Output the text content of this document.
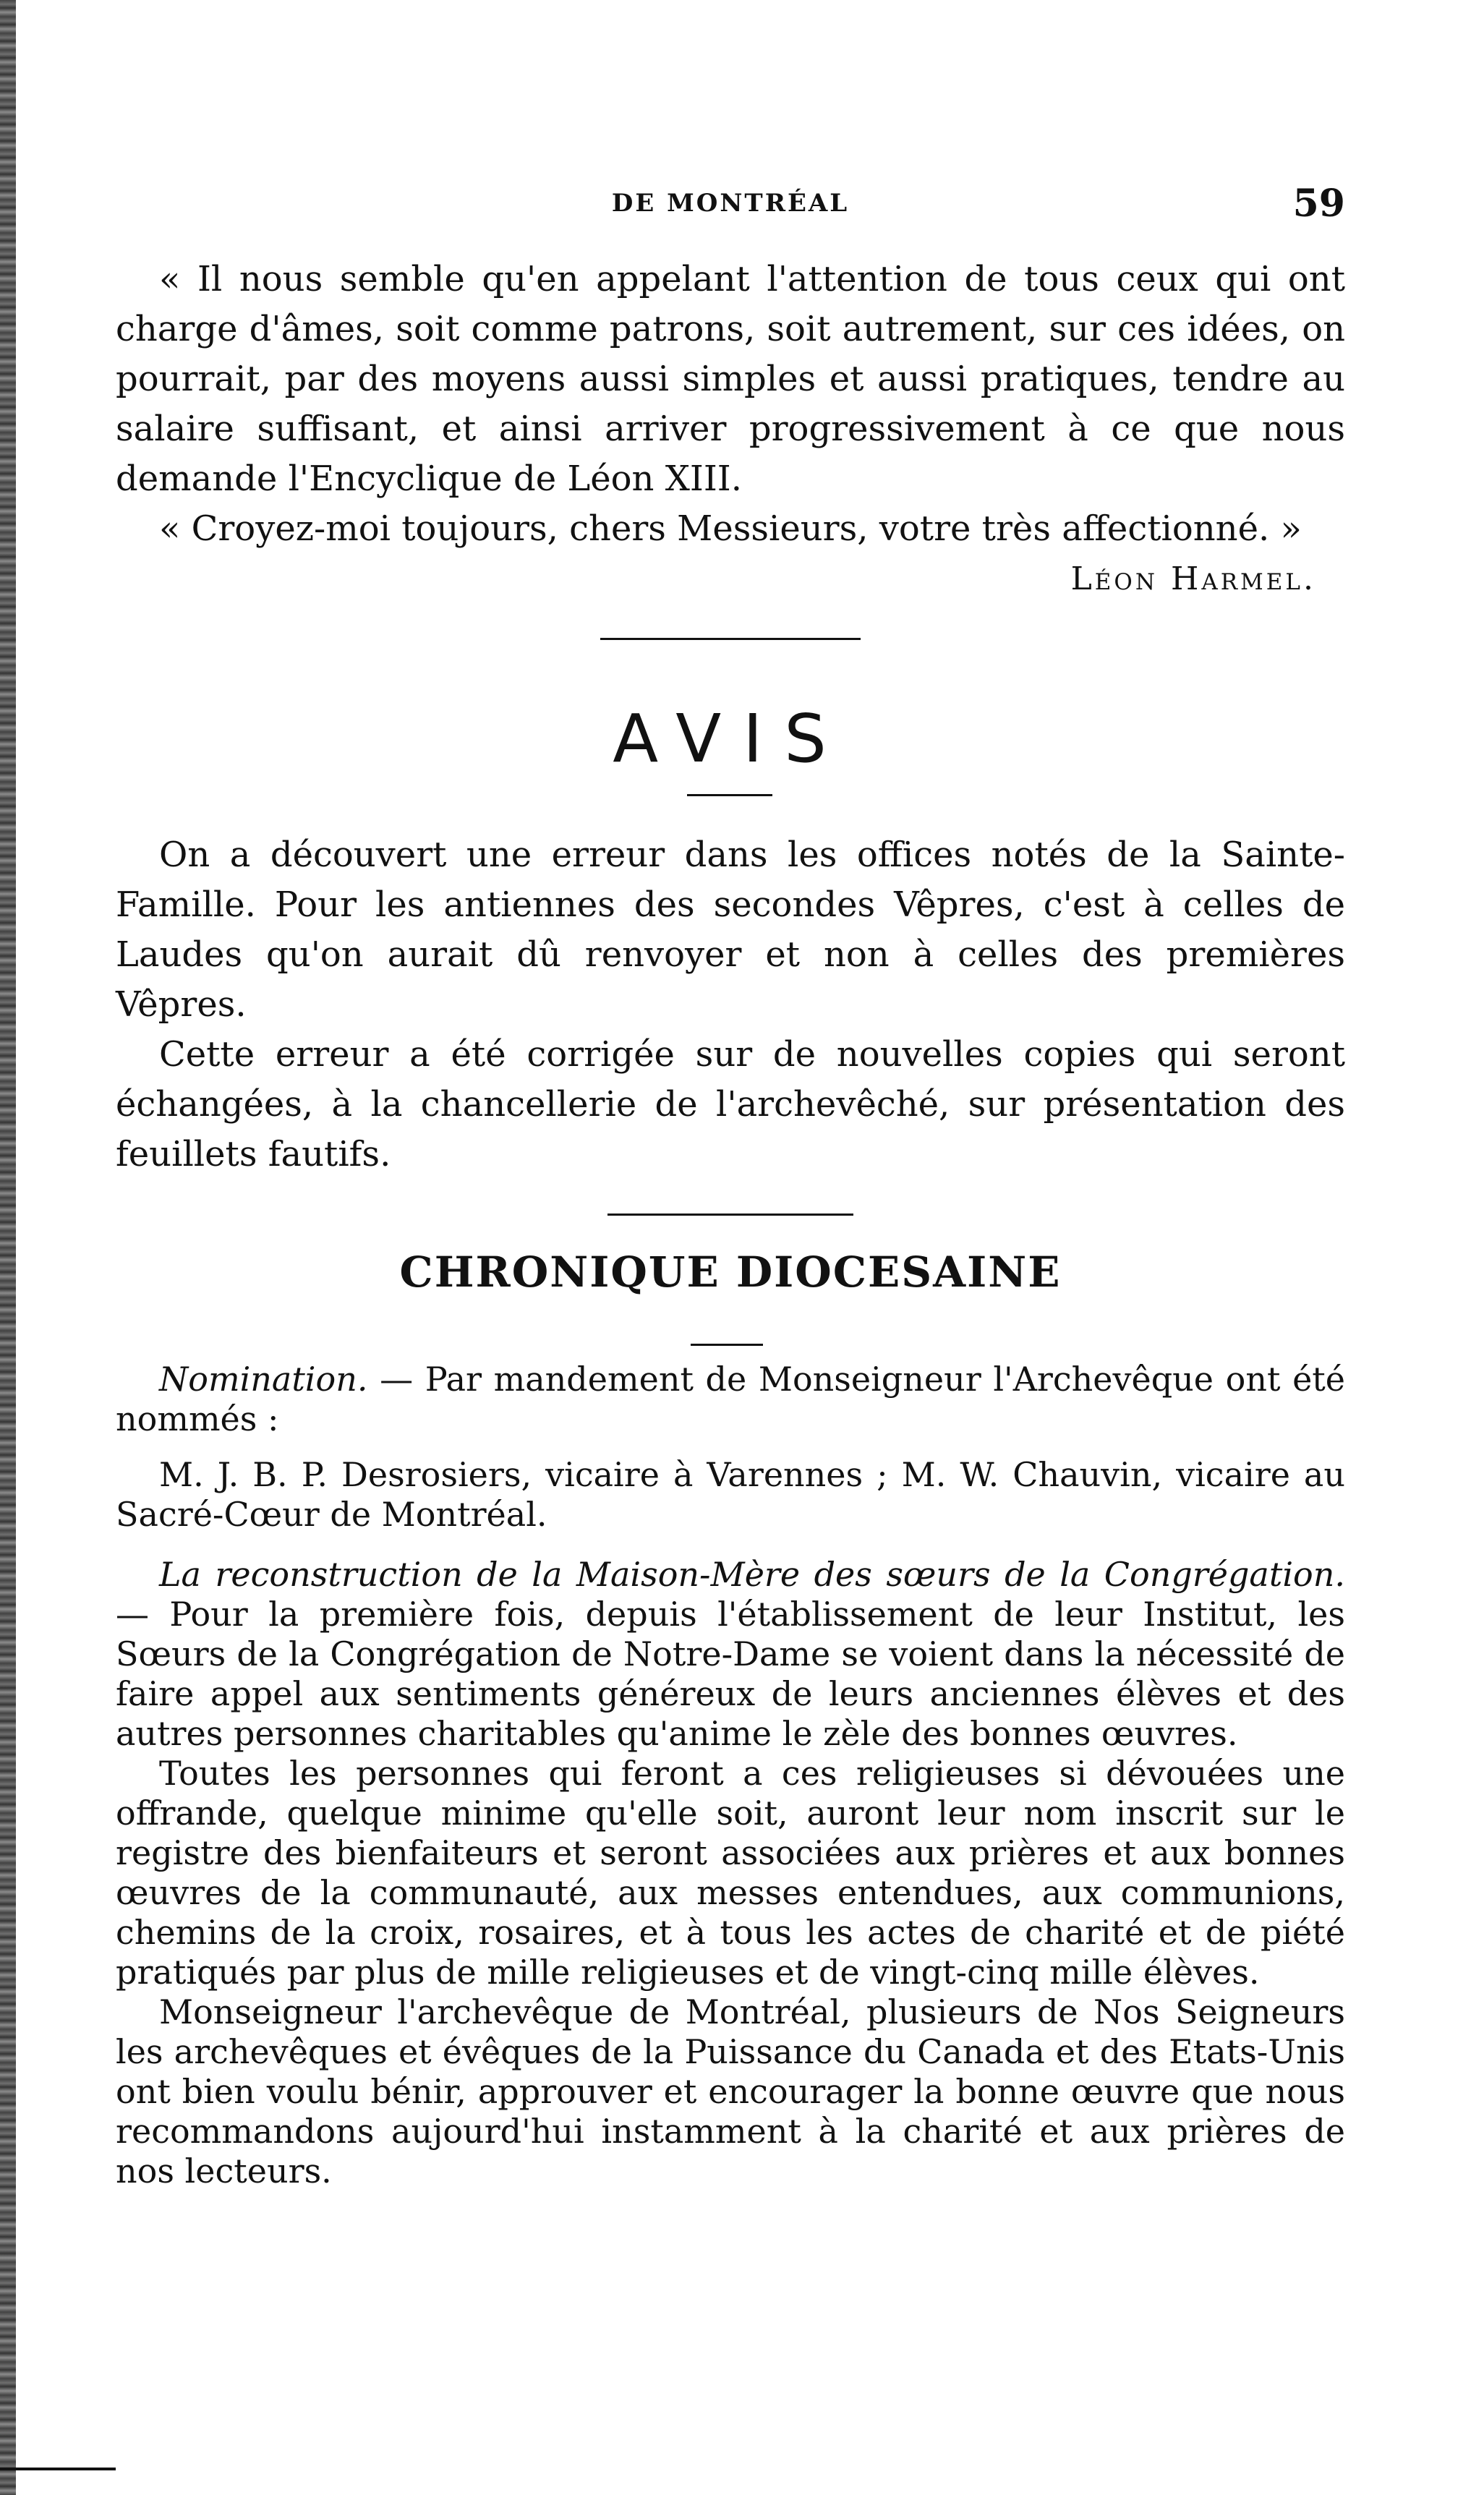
DE MONTRÉAL	59

« Il nous semble qu'en appelant l'attention de tous ceux qui ont charge d'âmes, soit comme patrons, soit autrement, sur ces idées, on pourrait, par des moyens aussi simples et aussi pratiques, tendre au salaire suffisant, et ainsi arriver progressivement à ce que nous demande l'Encyclique de Léon XIII.

« Croyez-moi toujours, chers Messieurs, votre très affectionné. »

Léon Harmel.
AVIS

On a découvert une erreur dans les offices notés de la Sainte-Famille. Pour les antiennes des secondes Vêpres, c'est à celles de Laudes qu'on aurait dû renvoyer et non à celles des premières Vêpres.

Cette erreur a été corrigée sur de nouvelles copies qui seront échangées, à la chancellerie de l'archevêché, sur présentation des feuillets fautifs.

CHRONIQUE DIOCESAINE

Nomination. — Par mandement de Monseigneur l'Archevêque ont été nommés :

M. J. B. P. Desrosiers, vicaire à Varennes ; M. W. Chauvin, vicaire au Sacré-Cœur de Montréal.

La reconstruction de la Maison-Mère des sœurs de la Congrégation. — Pour la première fois, depuis l'établissement de leur Institut, les Sœurs de la Congrégation de Notre-Dame se voient dans la nécessité de faire appel aux sentiments généreux de leurs anciennes élèves et des autres personnes charitables qu'anime le zèle des bonnes œuvres.

Toutes les personnes qui feront a ces religieuses si dévouées une offrande, quelque minime qu'elle soit, auront leur nom inscrit sur le registre des bienfaiteurs et seront associées aux prières et aux bonnes œuvres de la communauté, aux messes entendues, aux communions, chemins de la croix, rosaires, et à tous les actes de charité et de piété pratiqués par plus de mille religieuses et de vingt-cinq mille élèves.

Monseigneur l'archevêque de Montréal, plusieurs de Nos Seigneurs les archevêques et évêques de la Puissance du Canada et des Etats-Unis ont bien voulu bénir, approuver et encourager la bonne œuvre que nous recommandons aujourd'hui instamment à la charité et aux prières de nos lecteurs.
